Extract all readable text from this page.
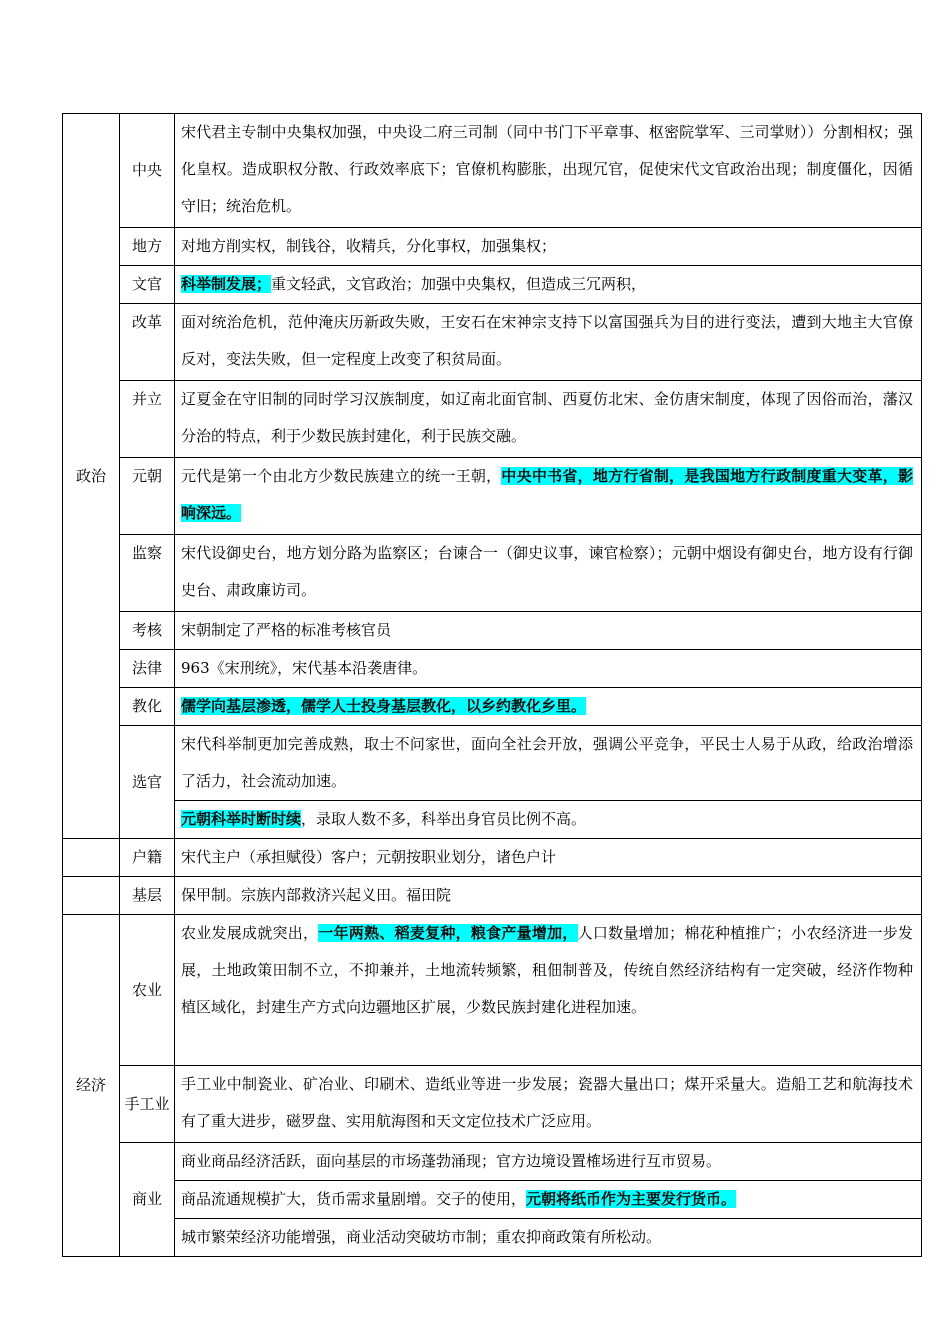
政治	中央	宋代君主专制中央集权加强，中央设二府三司制（同中书门下平章事、枢密院掌军、三司掌财））分割相权；强化皇权。造成职权分散、行政效率底下；官僚机构膨胀，出现冗官，促使宋代文官政治出现；制度僵化，因循守旧；统治危机。
	地方	对地方削实权，制钱谷，收精兵，分化事权，加强集权；
	文官	科举制发展；重文轻武，文官政治；加强中央集权，但造成三冗两积，
	改革	面对统治危机，范仲淹庆历新政失败，王安石在宋神宗支持下以富国强兵为目的进行变法，遭到大地主大官僚反对，变法失败，但一定程度上改变了积贫局面。
	并立	辽夏金在守旧制的同时学习汉族制度，如辽南北面官制、西夏仿北宋、金仿唐宋制度，体现了因俗而治，藩汉分治的特点，利于少数民族封建化，利于民族交融。
	元朝	元代是第一个由北方少数民族建立的统一王朝，中央中书省，地方行省制，是我国地方行政制度重大变革，影响深远。
	监察	宋代设御史台，地方划分路为监察区；台谏合一（御史议事，谏官检察）；元朝中烟设有御史台，地方设有行御史台、肃政廉访司。
	考核	宋朝制定了严格的标准考核官员
	法律	963《宋刑统》，宋代基本沿袭唐律。
	教化	儒学向基层渗透，儒学人士投身基层教化，以乡约教化乡里。
	选官	宋代科举制更加完善成熟，取士不问家世，面向全社会开放，强调公平竞争，平民士人易于从政，给政治增添了活力，社会流动加速。
		元朝科举时断时续，录取人数不多，科举出身官员比例不高。
	户籍	宋代主户（承担赋役）客户；元朝按职业划分，诸色户计
	基层	保甲制。宗族内部救济兴起义田。福田院
经济	农业	农业发展成就突出，一年两熟、稻麦复种，粮食产量增加，人口数量增加；棉花种植推广；小农经济进一步发展，土地政策田制不立，不抑兼并，土地流转频繁，租佃制普及，传统自然经济结构有一定突破，经济作物种植区域化，封建生产方式向边疆地区扩展，少数民族封建化进程加速。
	手工业	手工业中制瓷业、矿冶业、印刷术、造纸业等进一步发展；瓷器大量出口；煤开采量大。造船工艺和航海技术有了重大进步，磁罗盘、实用航海图和天文定位技术广泛应用。
	商业	商业商品经济活跃，面向基层的市场蓬勃涌现；官方边境设置榷场进行互市贸易。
		商品流通规模扩大，货币需求量剧增。交子的使用，元朝将纸币作为主要发行货币。
		城市繁荣经济功能增强，商业活动突破坊市制；重农抑商政策有所松动。
